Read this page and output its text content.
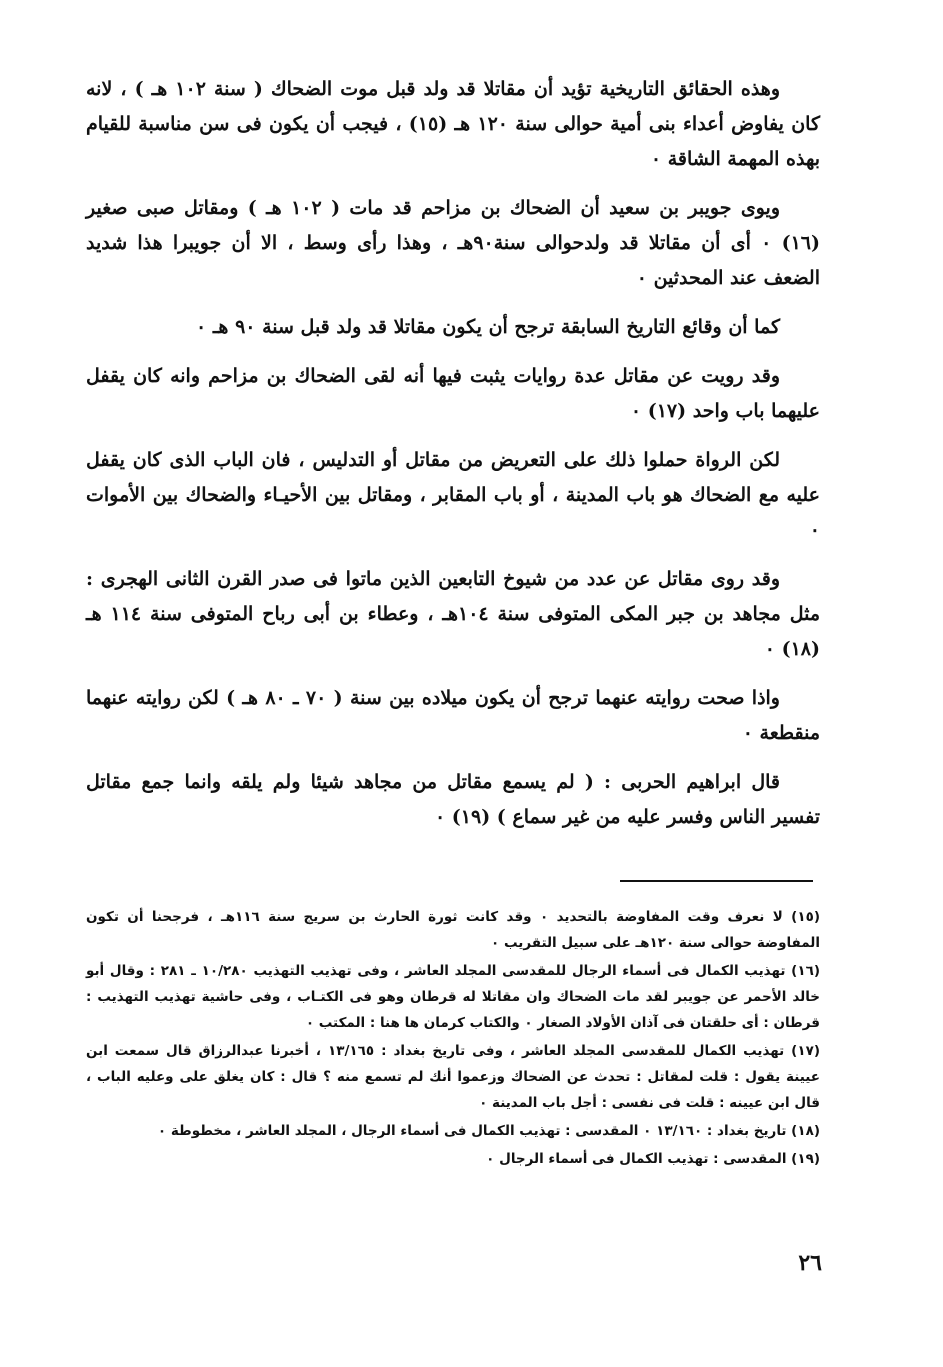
وهذه الحقائق التاريخية تؤيد أن مقاتلا قد ولد قبل موت الضحاك ( سنة ١٠٢ هـ ) ، لانه كان يفاوض أعداء بنى أمية حوالى سنة ١٢٠ هـ (١٥) ، فيجب أن يكون فى سن مناسبة للقيام بهذه المهمة الشاقة ٠

ويوى جويبر بن سعيد أن الضحاك بن مزاحم قد مات ( ١٠٢ هـ ) ومقاتل صبى صغير (١٦) ٠ أى أن مقاتلا قد ولدحوالى سنة٩٠هـ ، وهذا رأى وسط ، الا أن جويبرا هذا شديد الضعف عند المحدثين ٠

كما أن وقائع التاريخ السابقة ترجح أن يكون مقاتلا قد ولد قبل سنة ٩٠ هـ ٠

وقد رويت عن مقاتل عدة روايات يثبت فيها أنه لقى الضحاك بن مزاحم وانه كان يقفل عليهما باب واحد (١٧) ٠

لكن الرواة حملوا ذلك على التعريض من مقاتل أو التدليس ، فان الباب الذى كان يقفل عليه مع الضحاك هو باب المدينة ، أو باب المقابر ، ومقاتل بين الأحيـاء والضحاك بين الأموات ٠

وقد روى مقاتل عن عدد من شيوخ التابعين الذين ماتوا فى صدر القرن الثانى الهجرى : مثل مجاهد بن جبر المكى المتوفى سنة ١٠٤هـ ، وعطاء بن أبى رباح المتوفى سنة ١١٤ هـ (١٨) ٠

واذا صحت روايته عنهما ترجح أن يكون ميلاده بين سنة ( ٧٠ ـ ٨٠ هـ ) لكن روايته عنهما منقطعة ٠

قال ابراهيم الحربى : ( لم يسمع مقاتل من مجاهد شيئا ولم يلقه وانما جمع مقاتل تفسير الناس وفسر عليه من غير سماع ) (١٩) ٠

(١٥) لا نعرف وقت المفاوضة بالتحديد ٠ وقد كانت ثورة الحارث بن سريج سنة ١١٦هـ ، فرجحنا أن تكون المفاوضة حوالى سنة ١٢٠هـ على سبيل التقريب ٠

(١٦) تهذيب الكمال فى أسماء الرجال للمقدسى المجلد العاشر ، وفى تهذيب التهذيب ١٠/٢٨٠ ـ ٢٨١ : وقال أبو خالد الأحمر عن جويبر لقد مات الضحاك وان مقاتلا له قرطان وهو فى الكتـاب ، وفى حاشية تهذيب التهذيب : قرطان : أى حلقتان فى آذان الأولاد الصغار ٠ والكتاب كرمان ها هنا : المكتب ٠

(١٧) تهذيب الكمال للمقدسى المجلد العاشر ، وفى تاريخ بغداد : ١٣/١٦٥ ، أخبرنا عبدالرزاق قال سمعت ابن عيينة يقول : قلت لمقاتل : تحدث عن الضحاك وزعموا أنك لم تسمع منه ؟ قال : كان يغلق على وعليه الباب ، قال ابن عيينه : قلت فى نفسى : أجل باب المدينة ٠

(١٨) تاريخ بغداد : ١٣/١٦٠ ٠ المقدسى : تهذيب الكمال فى أسماء الرجال ، المجلد العاشر ، مخطوطة ٠

(١٩) المقدسى : تهذيب الكمال فى أسماء الرجال ٠

٢٦
